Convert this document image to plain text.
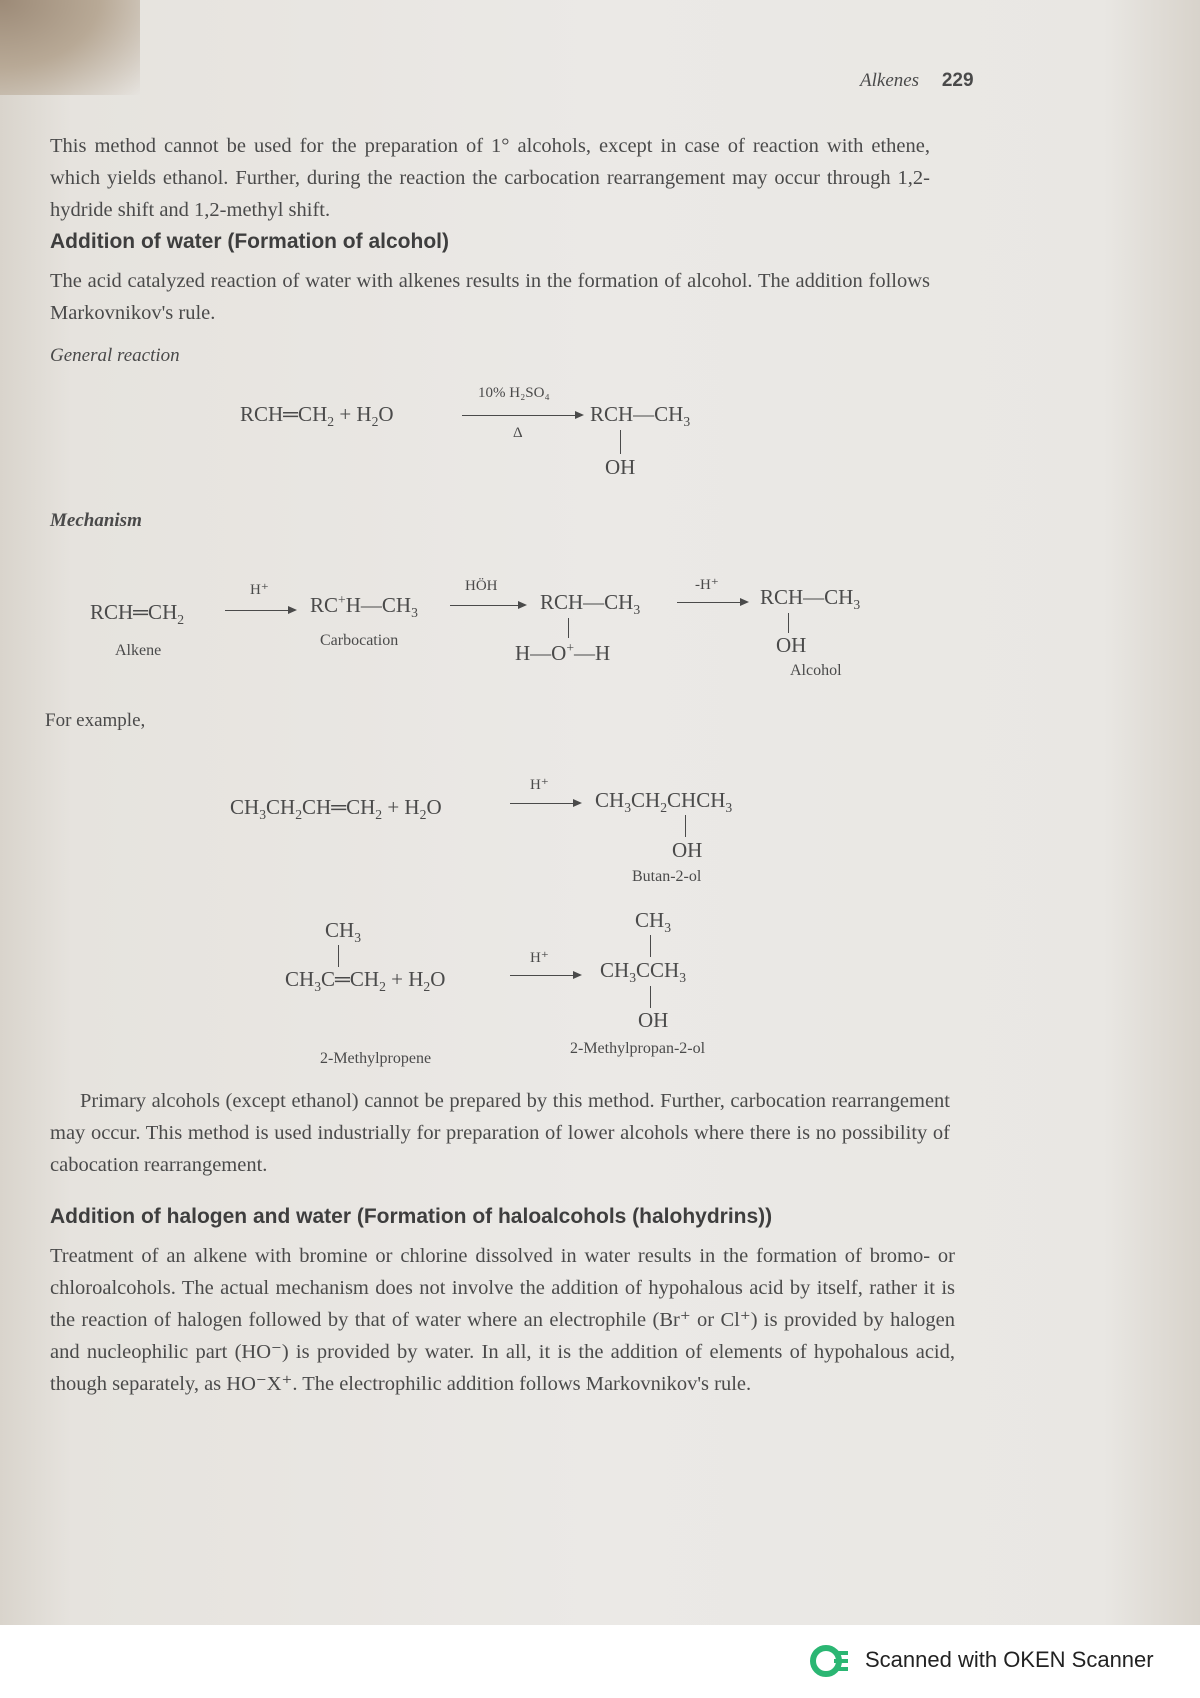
Alkenes 229

This method cannot be used for the preparation of 1° alcohols, except in case of reaction with ethene, which yields ethanol. Further, during the reaction the carbocation rearrangement may occur through 1,2-hydride shift and 1,2-methyl shift.

Addition of water (Formation of alcohol)

The acid catalyzed reaction of water with alkenes results in the formation of alcohol. The addition follows Markovnikov's rule.

General reaction
$RCH═CH_2 + H_2O$
10% H₂SO₄
Δ
$RCH—CH_3$
OH
Mechanism
$RCH═CH_2$
Alkene
H⁺
$RC^+H—CH_3$
Carbocation
HÖH
$RCH—CH_3$
H—O+—H
-H⁺ $RCH—CH_3$
OH
Alcohol
For example,
$CH_3CH_2CH═CH_2 + H_2O$
H⁺
$CH_3CH_2CHCH_3$
OH
Butan-2-ol
$CH_3$
$CH_3C═CH_2 + H_2O$
H⁺
$CH_3$
$CH_3CCH_3$
OH
2-Methylpropene
2-Methylpropan-2-ol

Primary alcohols (except ethanol) cannot be prepared by this method. Further, carbocation rearrangement may occur. This method is used industrially for preparation of lower alcohols where there is no possibility of cabocation rearrangement.

Addition of halogen and water (Formation of haloalcohols (halohydrins))

Treatment of an alkene with bromine or chlorine dissolved in water results in the formation of bromo- or chloroalcohols. The actual mechanism does not involve the addition of hypohalous acid by itself, rather it is the reaction of halogen followed by that of water where an electrophile (Br⁺ or Cl⁺) is provided by halogen and nucleophilic part (HO⁻) is provided by water. In all, it is the addition of elements of hypohalous acid, though separately, as HO⁻X⁺. The electrophilic addition follows Markovnikov's rule.

Scanned with OKEN Scanner
